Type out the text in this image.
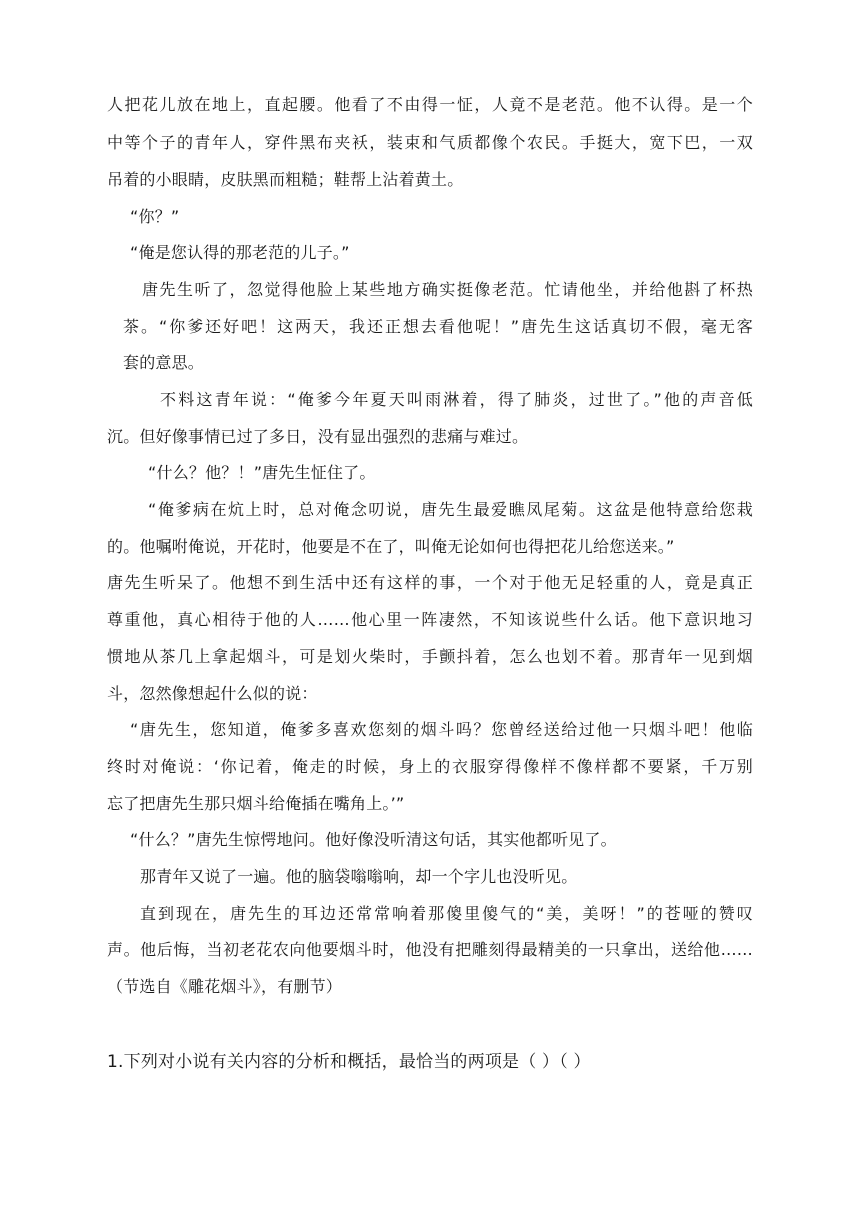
人把花儿放在地上，直起腰。他看了不由得一怔，人竟不是老范。他不认得。是一个
中等个子的青年人，穿件黑布夹袄，装束和气质都像个农民。手挺大，宽下巴，一双
吊着的小眼睛，皮肤黑而粗糙；鞋帮上沾着黄土。
“你？”
“俺是您认得的那老范的儿子。”
唐先生听了，忽觉得他脸上某些地方确实挺像老范。忙请他坐，并给他斟了杯热
茶。“你爹还好吧！这两天，我还正想去看他呢！”唐先生这话真切不假，毫无客
套的意思。
不料这青年说：“俺爹今年夏天叫雨淋着，得了肺炎，过世了。”他的声音低
沉。但好像事情已过了多日，没有显出强烈的悲痛与难过。
“什么？他？！”唐先生怔住了。
“俺爹病在炕上时，总对俺念叨说，唐先生最爱瞧凤尾菊。这盆是他特意给您栽
的。他嘱咐俺说，开花时，他要是不在了，叫俺无论如何也得把花儿给您送来。”
唐先生听呆了。他想不到生活中还有这样的事，一个对于他无足轻重的人，竟是真正
尊重他，真心相待于他的人……他心里一阵凄然，不知该说些什么话。他下意识地习
惯地从茶几上拿起烟斗，可是划火柴时，手颤抖着，怎么也划不着。那青年一见到烟
斗，忽然像想起什么似的说：
“唐先生，您知道，俺爹多喜欢您刻的烟斗吗？您曾经送给过他一只烟斗吧！他临
终时对俺说：‘你记着，俺走的时候，身上的衣服穿得像样不像样都不要紧，千万别
忘了把唐先生那只烟斗给俺插在嘴角上。’”
“什么？”唐先生惊愕地问。他好像没听清这句话，其实他都听见了。
那青年又说了一遍。他的脑袋嗡嗡响，却一个字儿也没听见。
直到现在，唐先生的耳边还常常响着那傻里傻气的“美，美呀！”的苍哑的赞叹
声。他后悔，当初老花农向他要烟斗时，他没有把雕刻得最精美的一只拿出，送给他……
（节选自《雕花烟斗》，有删节）
1.下列对小说有关内容的分析和概括，最恰当的两项是（ ）（ ）
